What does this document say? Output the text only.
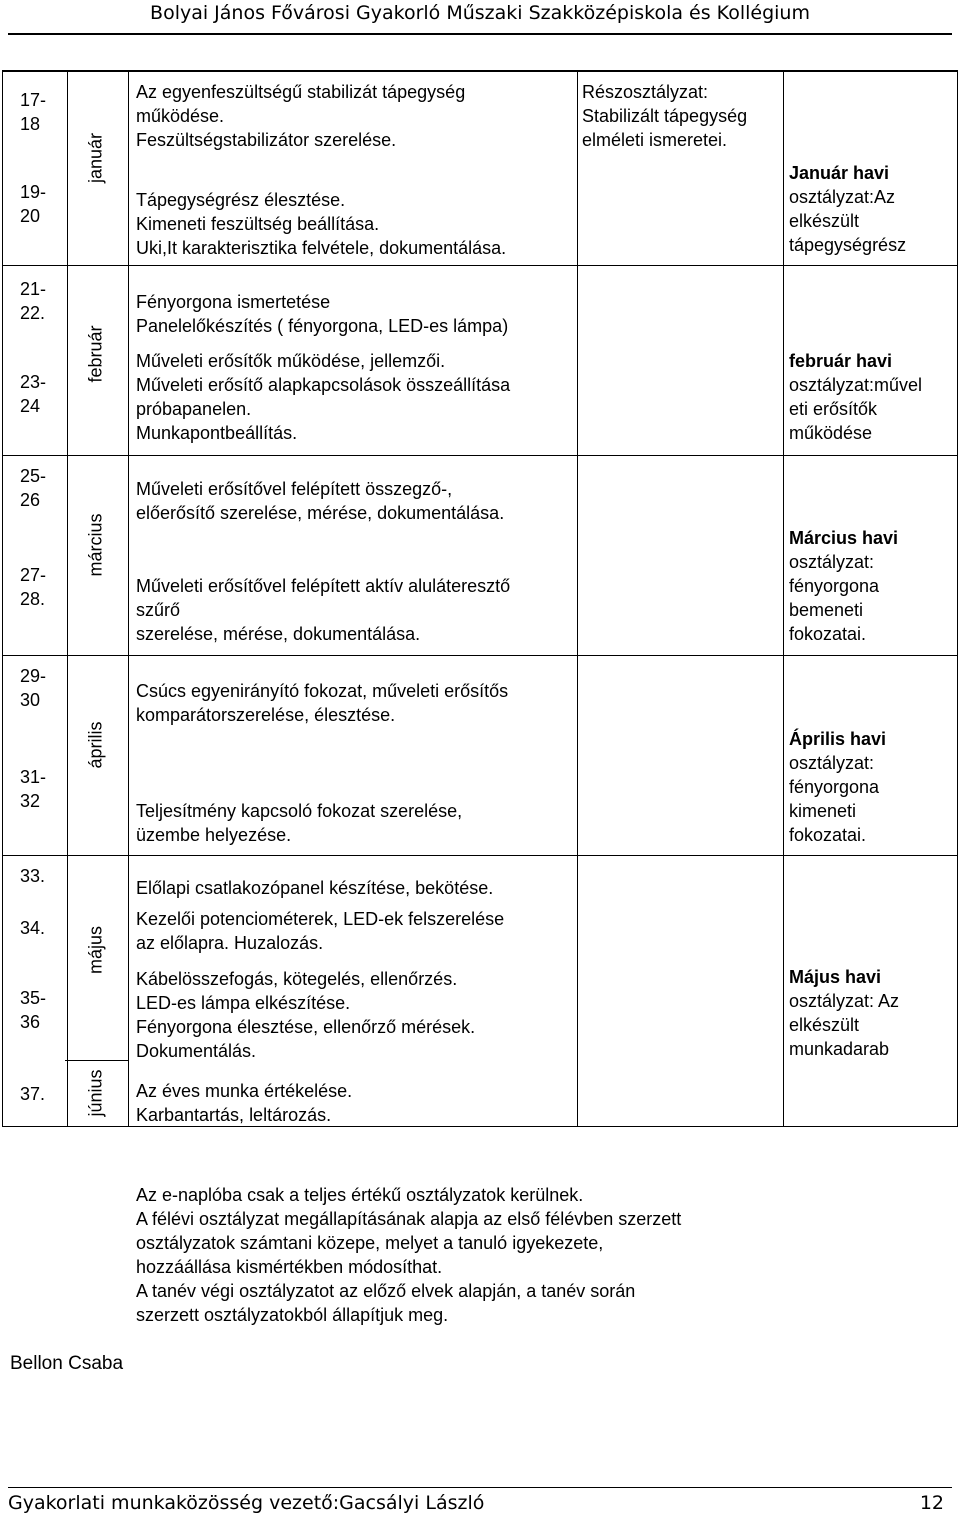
Bolyai János Fővárosi Gyakorló Műszaki Szakközépiskola és Kollégium
17-
18
19-
20
21-
22.
23-
24
25-
26
27-
28.
29-
30
31-
32
33.
34.
35-
36
37.
január
február
március
április
május
június
Az egyenfeszültségű stabilizát tápegység
működése.
Feszültségstabilizátor szerelése.
Tápegységrész élesztése.
Kimeneti feszültség beállítása.
Uki,It karakterisztika felvétele, dokumentálása.
Fényorgona ismertetése
Panelelőkészítés ( fényorgona, LED-es lámpa)
Műveleti erősítők működése, jellemzői.
Műveleti erősítő alapkapcsolások összeállítása
próbapanelen.
Munkapontbeállítás.
Műveleti erősítővel felépített összegző-,
előerősítő szerelése, mérése, dokumentálása.
Műveleti erősítővel felépített aktív aluláteresztő
szűrő
szerelése, mérése, dokumentálása.
Csúcs egyenirányító fokozat, műveleti erősítős
komparátorszerelése, élesztése.
Teljesítmény kapcsoló fokozat szerelése,
üzembe helyezése.
Előlapi csatlakozópanel készítése, bekötése.
Kezelői potenciométerek, LED-ek felszerelése
az előlapra. Huzalozás.
Kábelösszefogás, kötegelés, ellenőrzés.
LED-es lámpa elkészítése.
Fényorgona élesztése, ellenőrző mérések.
Dokumentálás.
Az éves munka értékelése.
Karbantartás, leltározás.
Részosztályzat:
Stabilizált tápegység
elméleti ismeretei.
Január havi
osztályzat:Az
elkészült
tápegységrész
február havi
osztályzat:művel
eti erősítők
működése
Március havi
osztályzat:
fényorgona
bemeneti
fokozatai.
Április havi
osztályzat:
fényorgona
kimeneti
fokozatai.
Május havi
osztályzat: Az
elkészült
munkadarab
Az e-naplóba csak a teljes értékű osztályzatok kerülnek.
A félévi osztályzat megállapításának alapja az első félévben szerzett
osztályzatok számtani közepe, melyet a tanuló igyekezete,
hozzáállása kismértékben módosíthat.
A tanév végi osztályzatot az előző elvek alapján, a tanév során
szerzett osztályzatokból állapítjuk meg.
Bellon Csaba
Gyakorlati munkaközösség vezető:Gacsályi László	12
